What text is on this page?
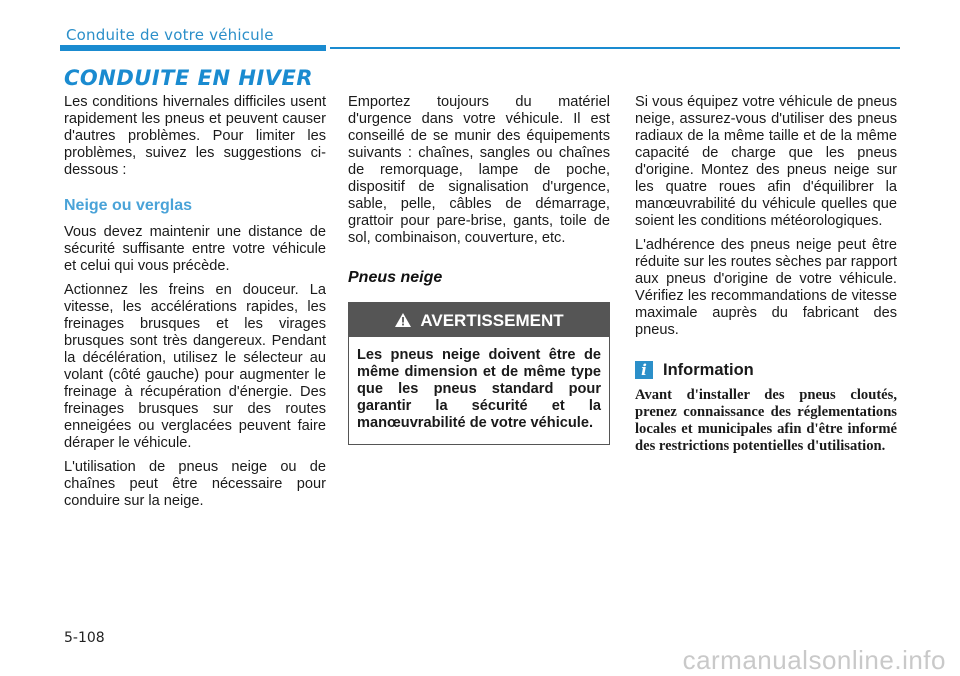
Conduite de votre véhicule
CONDUITE EN HIVER

Les conditions hivernales difficiles usent rapidement les pneus et peuvent causer d'autres problèmes. Pour limiter les problèmes, suivez les suggestions ci-dessous :

Neige ou verglas

Vous devez maintenir une distance de sécurité suffisante entre votre véhicule et celui qui vous précède.

Actionnez les freins en douceur. La vitesse, les accélérations rapides, les freinages brusques et les virages brusques sont très dangereux. Pendant la décélération, utilisez le sélecteur au volant (côté gauche) pour augmenter le freinage à récupération d'énergie. Des freinages brusques sur des routes enneigées ou verglacées peuvent faire déraper le véhicule.

L'utilisation de pneus neige ou de chaînes peut être nécessaire pour conduire sur la neige.

Emportez toujours du matériel d'urgence dans votre véhicule. Il est conseillé de se munir des équipements suivants : chaînes, sangles ou chaînes de remorquage, lampe de poche, dispositif de signalisation d'urgence, sable, pelle, câbles de démarrage, grattoir pour pare-brise, gants, toile de sol, combinaison, couverture, etc.

Pneus neige
AVERTISSEMENT
Les pneus neige doivent être de même dimension et de même type que les pneus standard pour garantir la sécurité et la manœuvrabilité de votre véhicule.

Si vous équipez votre véhicule de pneus neige, assurez-vous d'utiliser des pneus radiaux de la même taille et de la même capacité de charge que les pneus d'origine. Montez des pneus neige sur les quatre roues afin d'équilibrer la manœuvrabilité du véhicule quelles que soient les conditions météorologiques.

L'adhérence des pneus neige peut être réduite sur les routes sèches par rapport aux pneus d'origine de votre véhicule. Vérifiez les recommandations de vitesse maximale auprès du fabricant des pneus.

i Information

Avant d'installer des pneus cloutés, prenez connaissance des réglementations locales et municipales afin d'être informé des restrictions potentielles d'utilisation.

5-108
carmanualsonline.info
